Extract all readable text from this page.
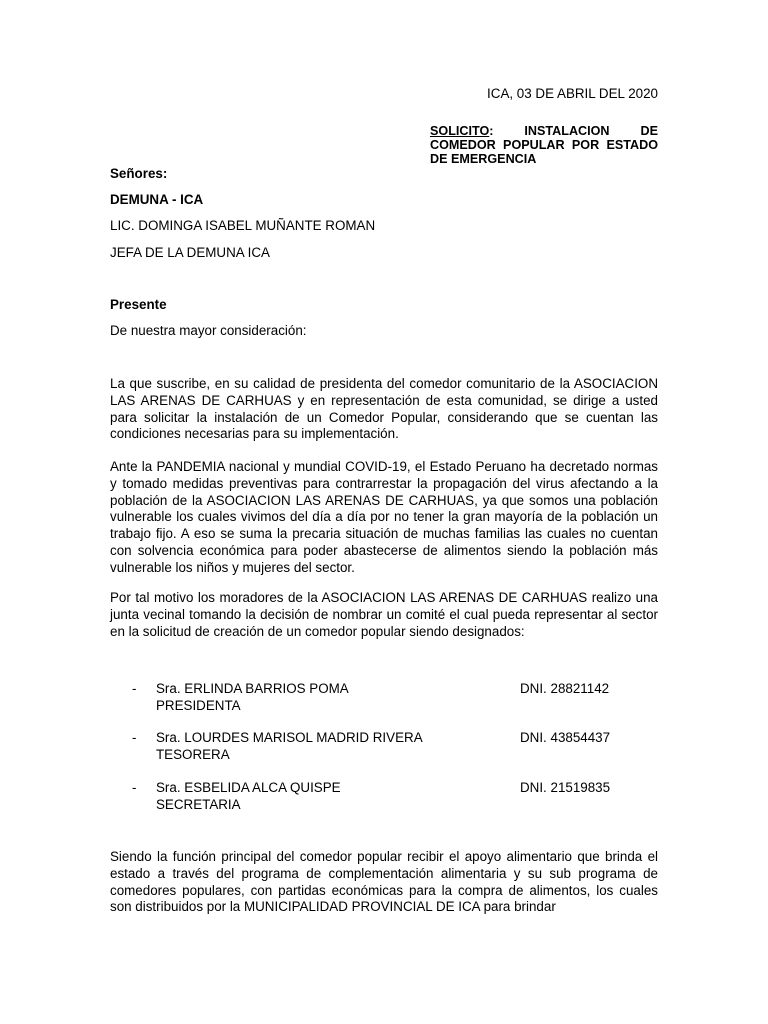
ICA, 03 DE ABRIL DEL 2020
SOLICITO: INSTALACION DE
COMEDOR POPULAR POR ESTADO DE EMERGENCIA
Señores:
DEMUNA - ICA
LIC. DOMINGA ISABEL MUÑANTE ROMAN
JEFA DE LA DEMUNA ICA
Presente
De nuestra mayor consideración:

La que suscribe, en su calidad de presidenta del comedor comunitario de la ASOCIACION LAS ARENAS DE CARHUAS y en representación de esta comunidad, se dirige a usted para solicitar la instalación de un Comedor Popular, considerando que se cuentan las condiciones necesarias para su implementación.

Ante la PANDEMIA nacional y mundial COVID-19, el Estado Peruano ha decretado normas y tomado medidas preventivas para contrarrestar la propagación del virus afectando a la población de la ASOCIACION LAS ARENAS DE CARHUAS, ya que somos una población vulnerable los cuales vivimos del día a día por no tener la gran mayoría de la población un trabajo fijo. A eso se suma la precaria situación de muchas familias las cuales no cuentan con solvencia económica para poder abastecerse de alimentos siendo la población más vulnerable los niños y mujeres del sector.

Por tal motivo los moradores de la ASOCIACION LAS ARENAS DE CARHUAS realizo una junta vecinal tomando la decisión de nombrar un comité el cual pueda representar al sector en la solicitud de creación de un comedor popular siendo designados:

- Sra. ERLINDA BARRIOS POMA
PRESIDENTA
DNI. 28821142
- Sra. LOURDES MARISOL MADRID RIVERA
TESORERA
DNI. 43854437
- Sra. ESBELIDA ALCA QUISPE
SECRETARIA
DNI. 21519835

Siendo la función principal del comedor popular recibir el apoyo alimentario que brinda el estado a través del programa de complementación alimentaria y su sub programa de comedores populares, con partidas económicas para la compra de alimentos, los cuales son distribuidos por la MUNICIPALIDAD PROVINCIAL DE ICA para brindar
